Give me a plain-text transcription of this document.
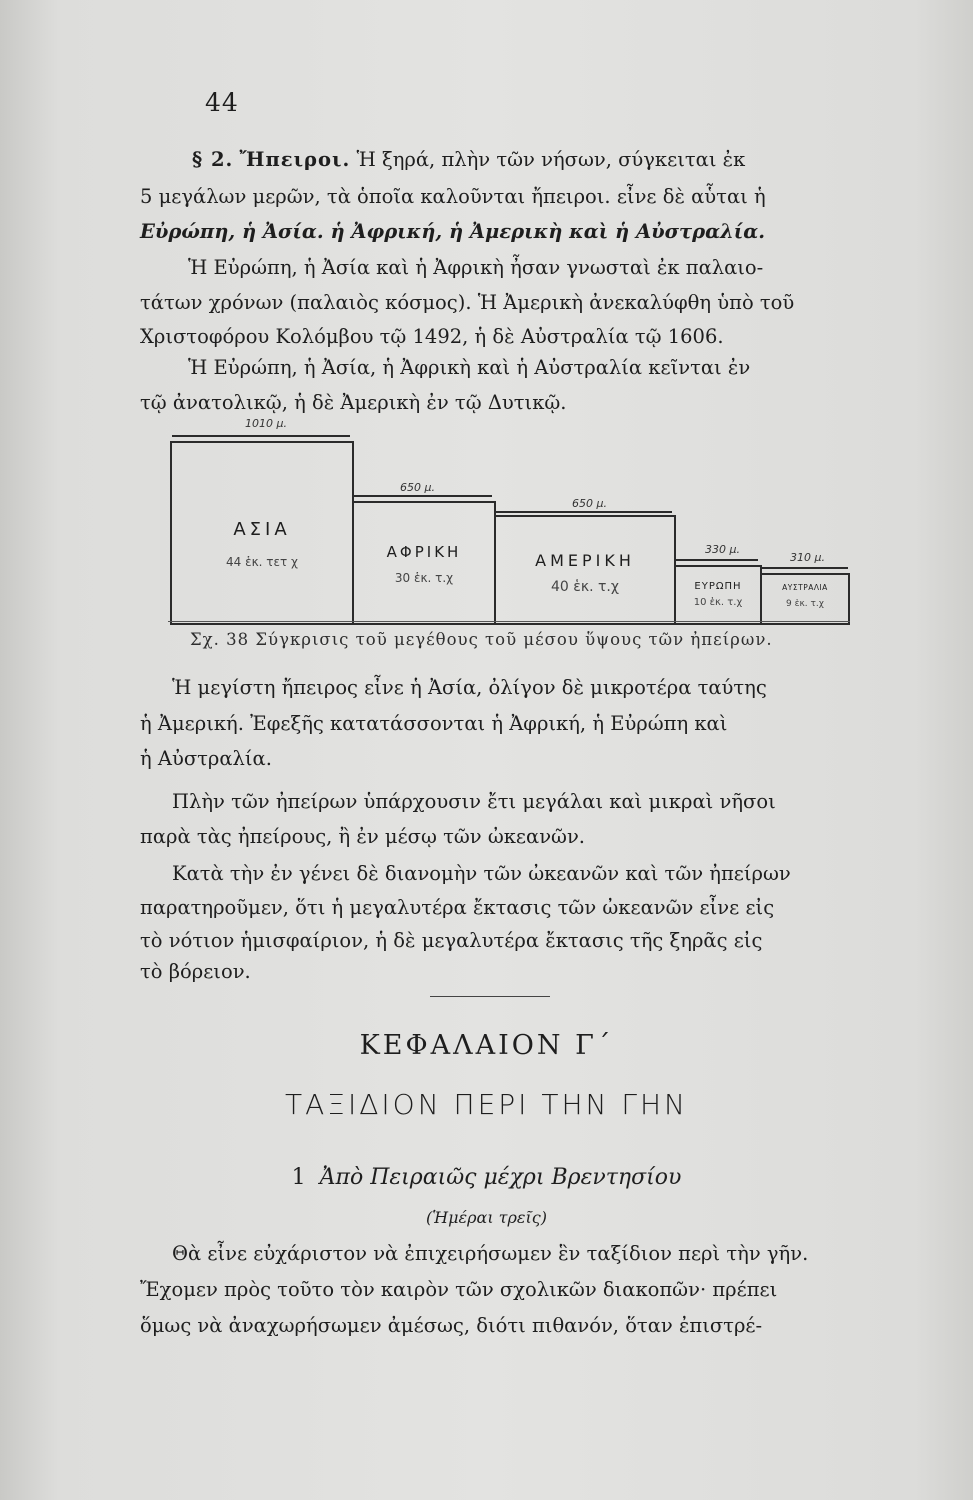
44
§ 2. Ἤπειροι. Ἡ ξηρά, πλὴν τῶν νήσων, σύγκειται ἐκ
5 μεγάλων μερῶν, τὰ ὁποῖα καλοῦνται ἤπειροι. εἶνε δὲ αὗται ἡ
Εὐρώπη, ἡ Ἀσία. ἡ Ἀφρική, ἡ Ἀμερικὴ καὶ ἡ Αὐστραλία.
Ἡ Εὐρώπη, ἡ Ἀσία καὶ ἡ Ἀφρικὴ ἦσαν γνωσταὶ ἐκ παλαιο-
τάτων χρόνων (παλαιὸς κόσμος). Ἡ Ἀμερικὴ ἀνεκαλύφθη ὑπὸ τοῦ
Χριστοφόρου Κολόμβου τῷ 1492, ἡ δὲ Αὐστραλία τῷ 1606.
Ἡ Εὐρώπη, ἡ Ἀσία, ἡ Ἀφρικὴ καὶ ἡ Αὐστραλία κεῖνται ἐν
τῷ ἀνατολικῷ, ἡ δὲ Ἀμερικὴ ἐν τῷ Δυτικῷ.
1010 μ.
ΑΣΙΑ
44 ἑκ. τετ χ
650 μ.
ΑΦΡΙΚΗ
30 ἑκ. τ.χ
650 μ.
ΑΜΕΡΙΚΗ
40 ἑκ. τ.χ
330 μ.
ΕΥΡΩΠΗ
10 ἑκ. τ.χ
310 μ.
ΑΥΣΤΡΑΛΙΑ
9 ἑκ. τ.χ
Σχ. 38 Σύγκρισις τοῦ μεγέθους τοῦ μέσου ὕψους τῶν ἠπείρων.
Ἡ μεγίστη ἤπειρος εἶνε ἡ Ἀσία, ὀλίγον δὲ μικροτέρα ταύτης
ἡ Ἀμερική. Ἐφεξῆς κατατάσσονται ἡ Ἀφρική, ἡ Εὐρώπη καὶ
ἡ Αὐστραλία.
Πλὴν τῶν ἠπείρων ὑπάρχουσιν ἔτι μεγάλαι καὶ μικραὶ νῆσοι
παρὰ τὰς ἠπείρους, ἢ ἐν μέσῳ τῶν ὠκεανῶν.
Κατὰ τὴν ἐν γένει δὲ διανομὴν τῶν ὠκεανῶν καὶ τῶν ἠπείρων
παρατηροῦμεν, ὅτι ἡ μεγαλυτέρα ἔκτασις τῶν ὠκεανῶν εἶνε εἰς
τὸ νότιον ἡμισφαίριον, ἡ δὲ μεγαλυτέρα ἔκτασις τῆς ξηρᾶς εἰς
τὸ βόρειον.
ΚΕΦΑΛΑΙΟΝ Γ΄
ΤΑΞΙΔΙΟΝ ΠΕΡΙ ΤΗΝ ΓΗΝ
1 Ἀπὸ Πειραιῶς μέχρι Βρεντησίου
(Ἡμέραι τρεῖς)
Θὰ εἶνε εὐχάριστον νὰ ἐπιχειρήσωμεν ἓν ταξίδιον περὶ τὴν γῆν.
Ἔχομεν πρὸς τοῦτο τὸν καιρὸν τῶν σχολικῶν διακοπῶν· πρέπει
ὅμως νὰ ἀναχωρήσωμεν ἀμέσως, διότι πιθανόν, ὅταν ἐπιστρέ-
